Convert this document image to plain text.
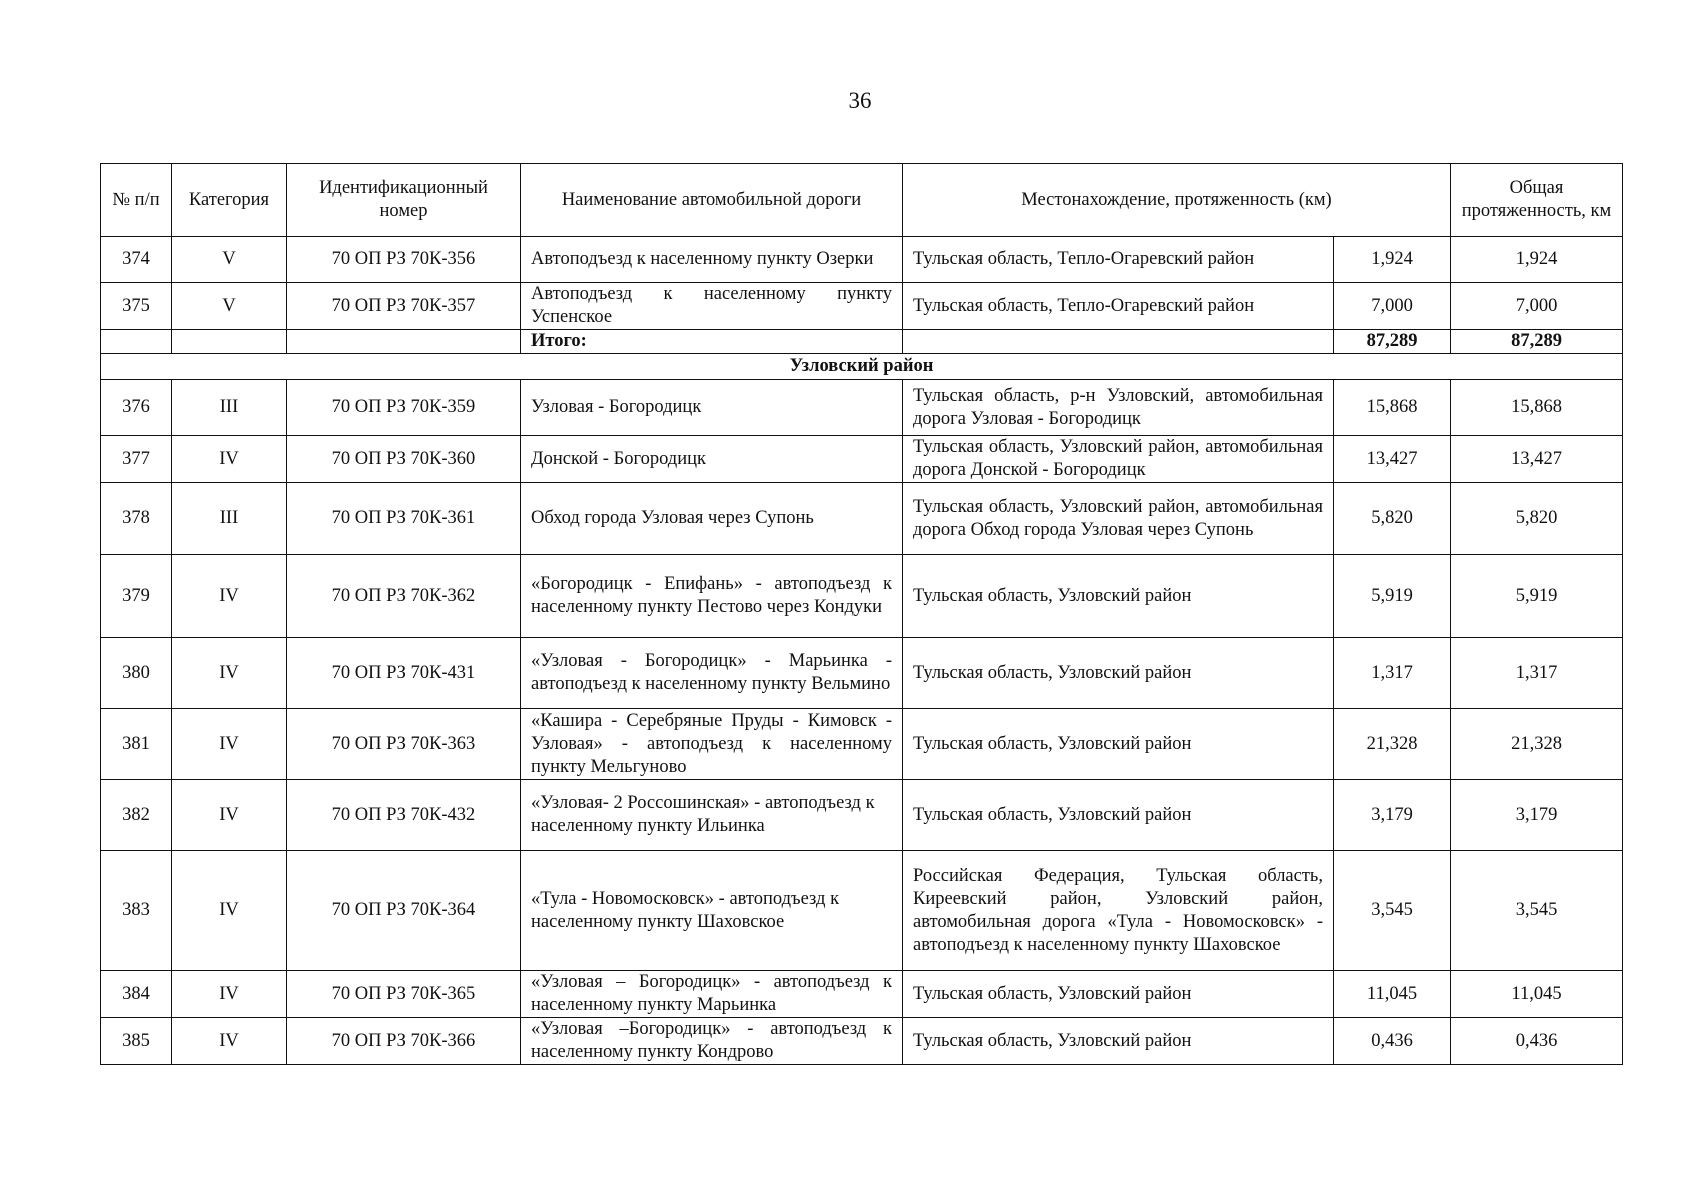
36
№ п/п	Категория	Идентификационный номер	Наименование автомобильной дороги	Местонахождение, протяженность (км)		Общая протяженность, км
374	V	70 ОП РЗ 70К-356	Автоподъезд к населенному пункту Озерки	Тульская область, Тепло-Огаревский район	1,924	1,924
375	V	70 ОП РЗ 70К-357	Автоподъезд к населенному пункту Успенское	Тульская область, Тепло-Огаревский район	7,000	7,000
			Итого:		87,289	87,289
Узловский район						
376	III	70 ОП РЗ 70К-359	Узловая - Богородицк	Тульская область, р-н Узловский, автомобильная дорога Узловая - Богородицк	15,868	15,868
377	IV	70 ОП РЗ 70К-360	Донской - Богородицк	Тульская область, Узловский район, автомобильная дорога Донской - Богородицк	13,427	13,427
378	III	70 ОП РЗ 70К-361	Обход города Узловая через Супонь	Тульская область, Узловский район, автомобильная дорога Обход города Узловая через Супонь	5,820	5,820
379	IV	70 ОП РЗ 70К-362	«Богородицк - Епифань» - автоподъезд к населенному пункту Пестово через Кондуки	Тульская область, Узловский район	5,919	5,919
380	IV	70 ОП РЗ 70К-431	«Узловая - Богородицк» - Марьинка - автоподъезд к населенному пункту Вельмино	Тульская область, Узловский район	1,317	1,317
381	IV	70 ОП РЗ 70К-363	«Кашира - Серебряные Пруды - Кимовск - Узловая» - автоподъезд к населенному пункту Мельгуново	Тульская область, Узловский район	21,328	21,328
382	IV	70 ОП РЗ 70К-432	«Узловая- 2 Россошинская» - автоподъезд к населенному пункту Ильинка	Тульская область, Узловский район	3,179	3,179
383	IV	70 ОП РЗ 70К-364	«Тула - Новомосковск» - автоподъезд к населенному пункту Шаховское	Российская Федерация, Тульская область, Киреевский район, Узловский район, автомобильная дорога «Тула - Новомосковск» - автоподъезд к населенному пункту Шаховское	3,545	3,545
384	IV	70 ОП РЗ 70К-365	«Узловая – Богородицк» - автоподъезд к населенному пункту Марьинка	Тульская область, Узловский район	11,045	11,045
385	IV	70 ОП РЗ 70К-366	«Узловая –Богородицк» - автоподъезд к населенному пункту Кондрово	Тульская область, Узловский район	0,436	0,436
